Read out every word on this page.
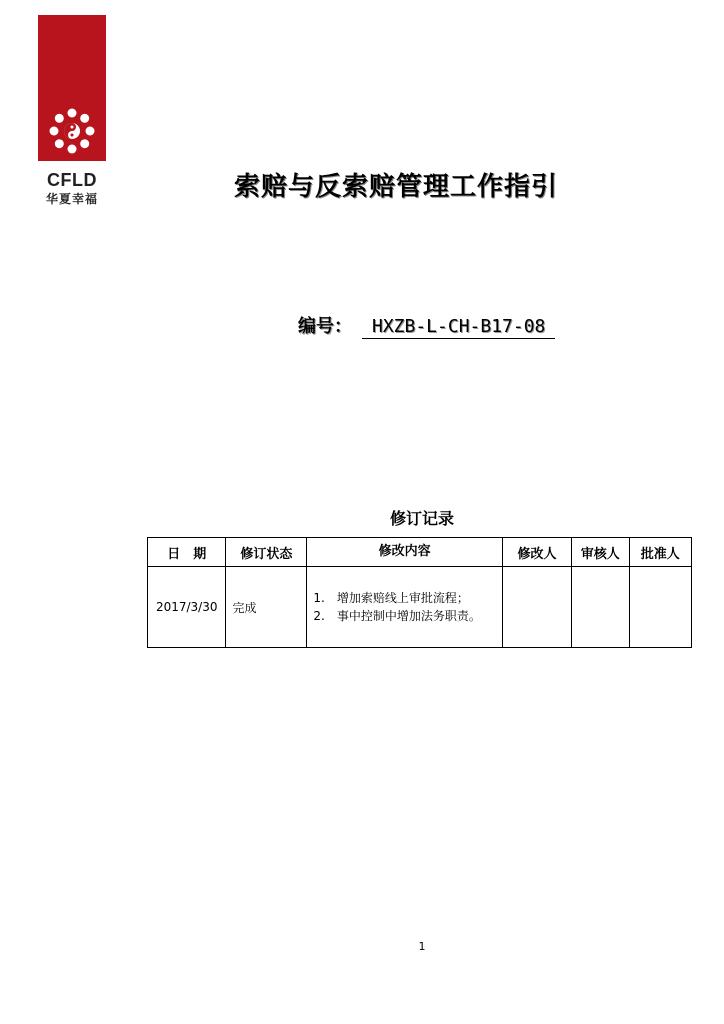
CFLD
华夏幸福	索赔与反索赔管理工作指引
编号： HXZB-L-CH-B17-08
修订记录
日　期	修订状态	修改内容	修改人	审核人	批准人
2017/3/30	完成	1.　增加索赔线上审批流程；
2.　事中控制中增加法务职责。			

1
